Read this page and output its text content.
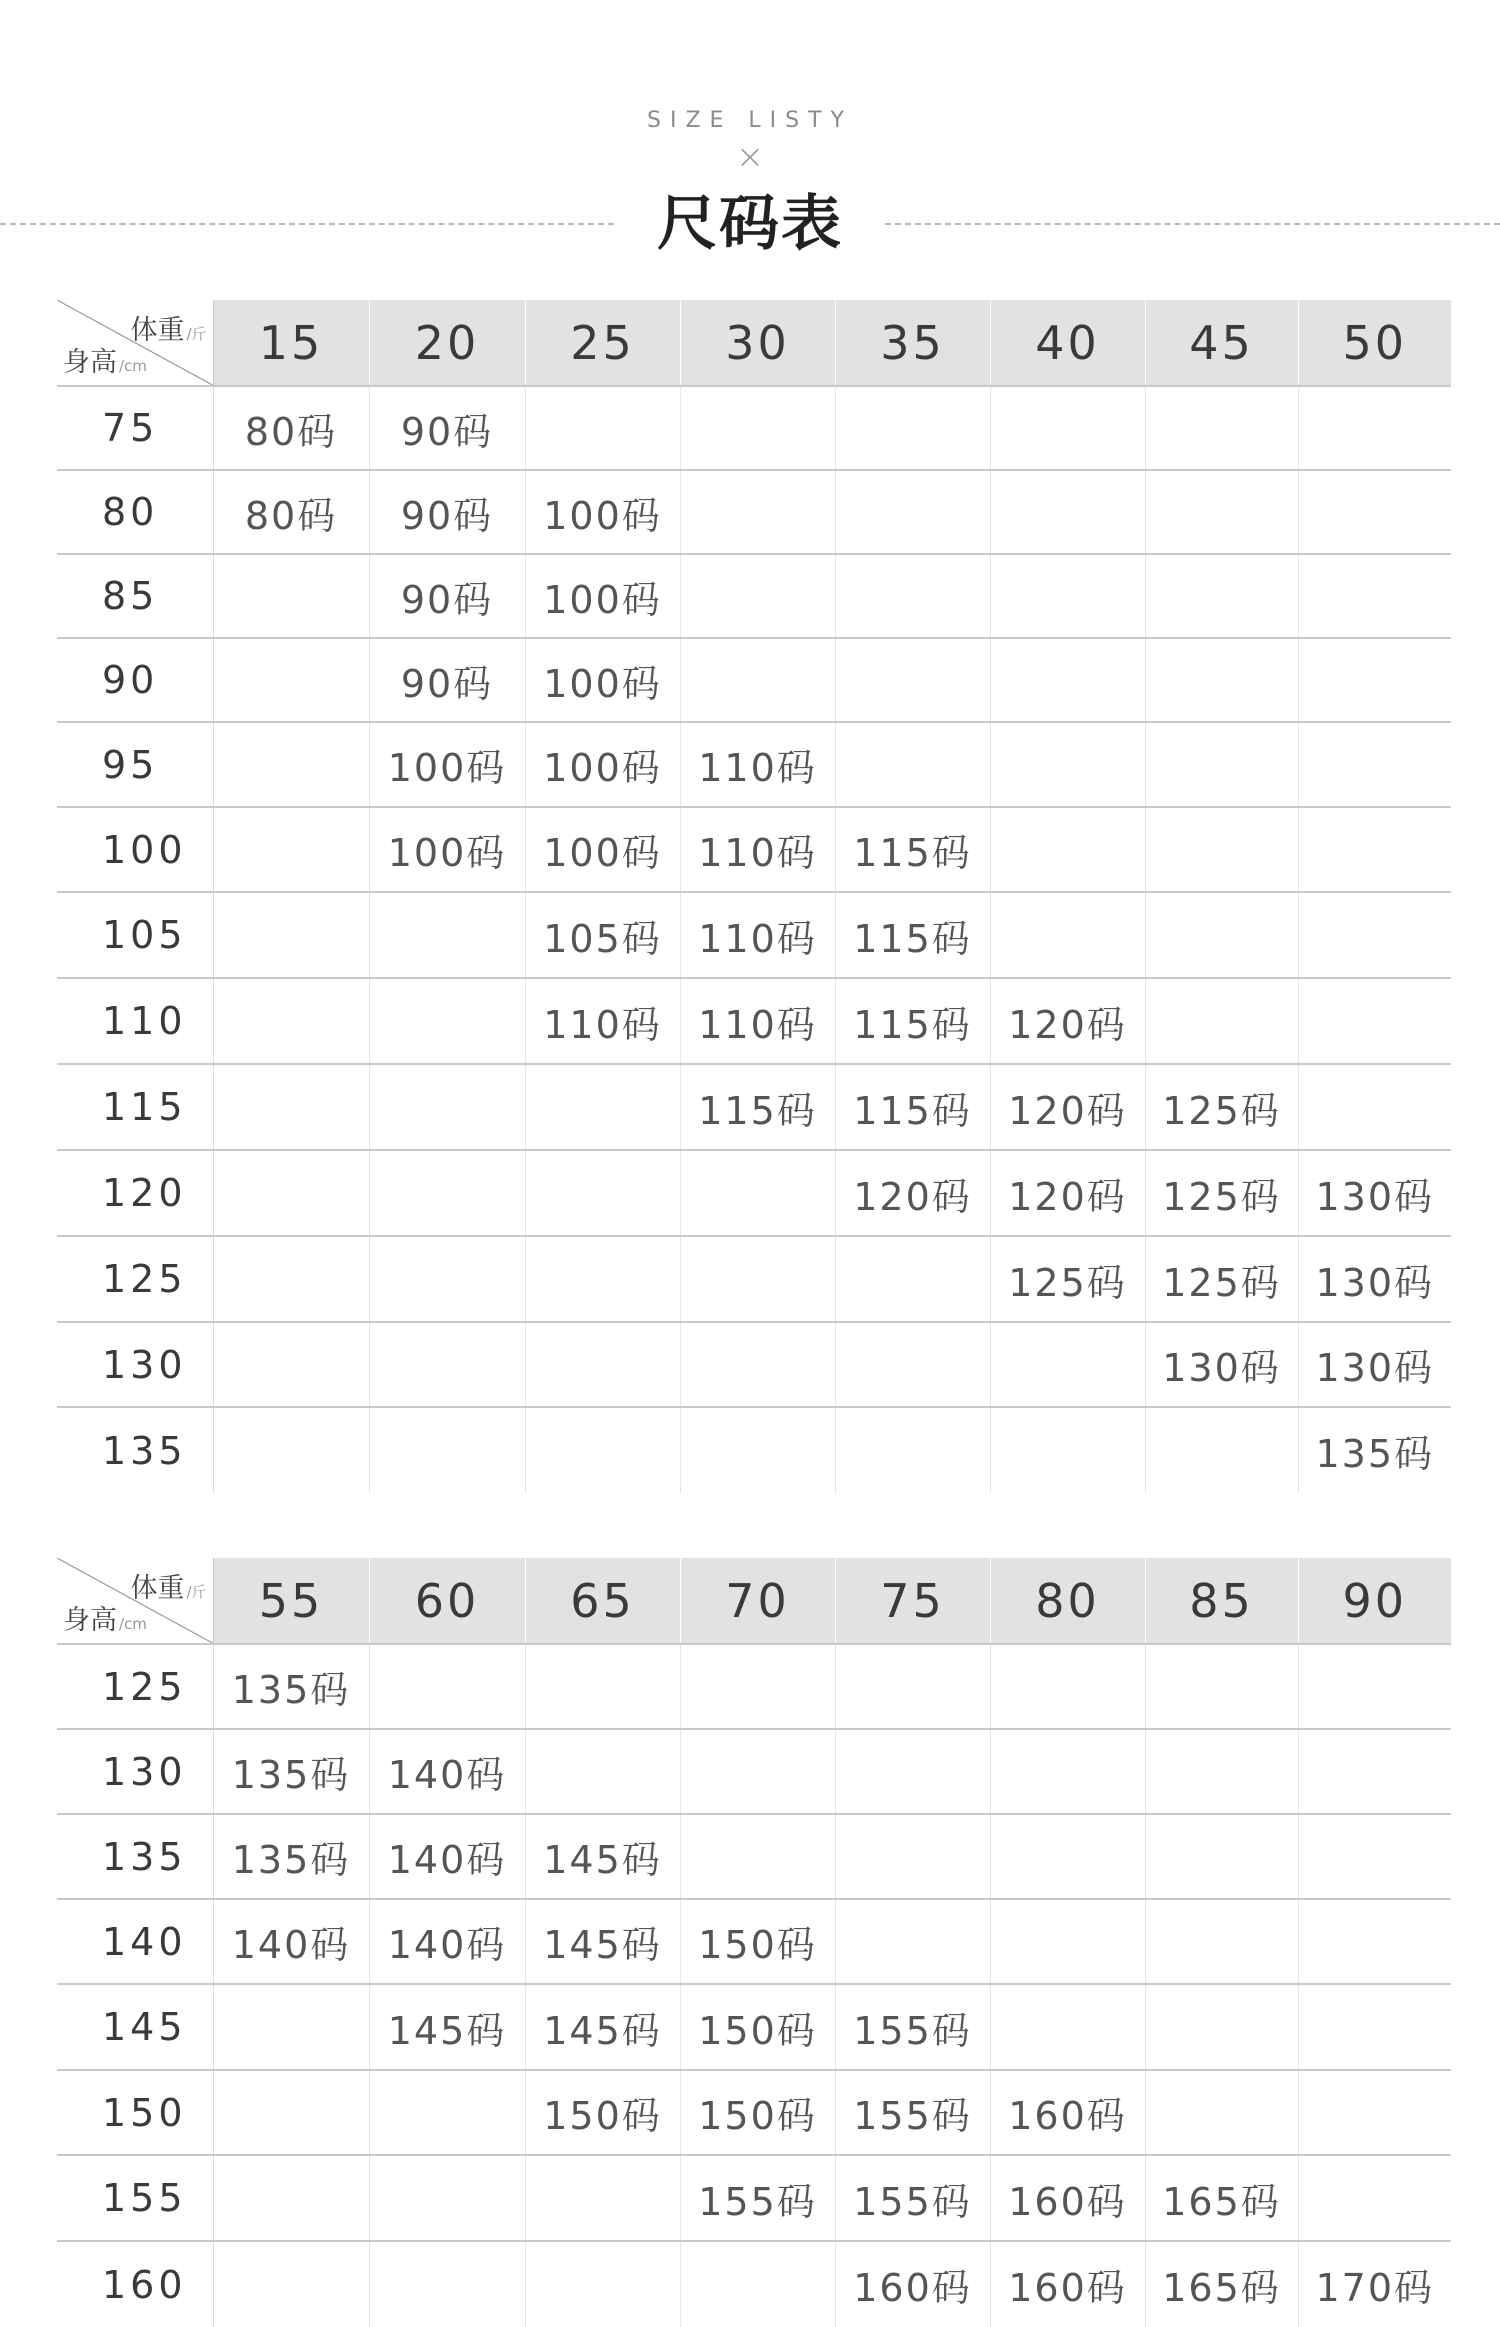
SIZE LISTY
×
尺码表
体重 /斤
身高 /cm	15	20	25	30	35	40	45	50
75	80码	90码						
80	80码	90码	100码					
85		90码	100码					
90		90码	100码					
95		100码	100码	110码				
100		100码	100码	110码	115码			
105			105码	110码	115码			
110			110码	110码	115码	120码		
115				115码	115码	120码	125码	
120					120码	120码	125码	130码
125						125码	125码	130码
130							130码	130码
135								135码
体重 /斤
身高 /cm	55	60	65	70	75	80	85	90
125	135码							
130	135码	140码						
135	135码	140码	145码					
140	140码	140码	145码	150码				
145		145码	145码	150码	155码			
150			150码	150码	155码	160码		
155				155码	155码	160码	165码	
160					160码	160码	165码	170码
